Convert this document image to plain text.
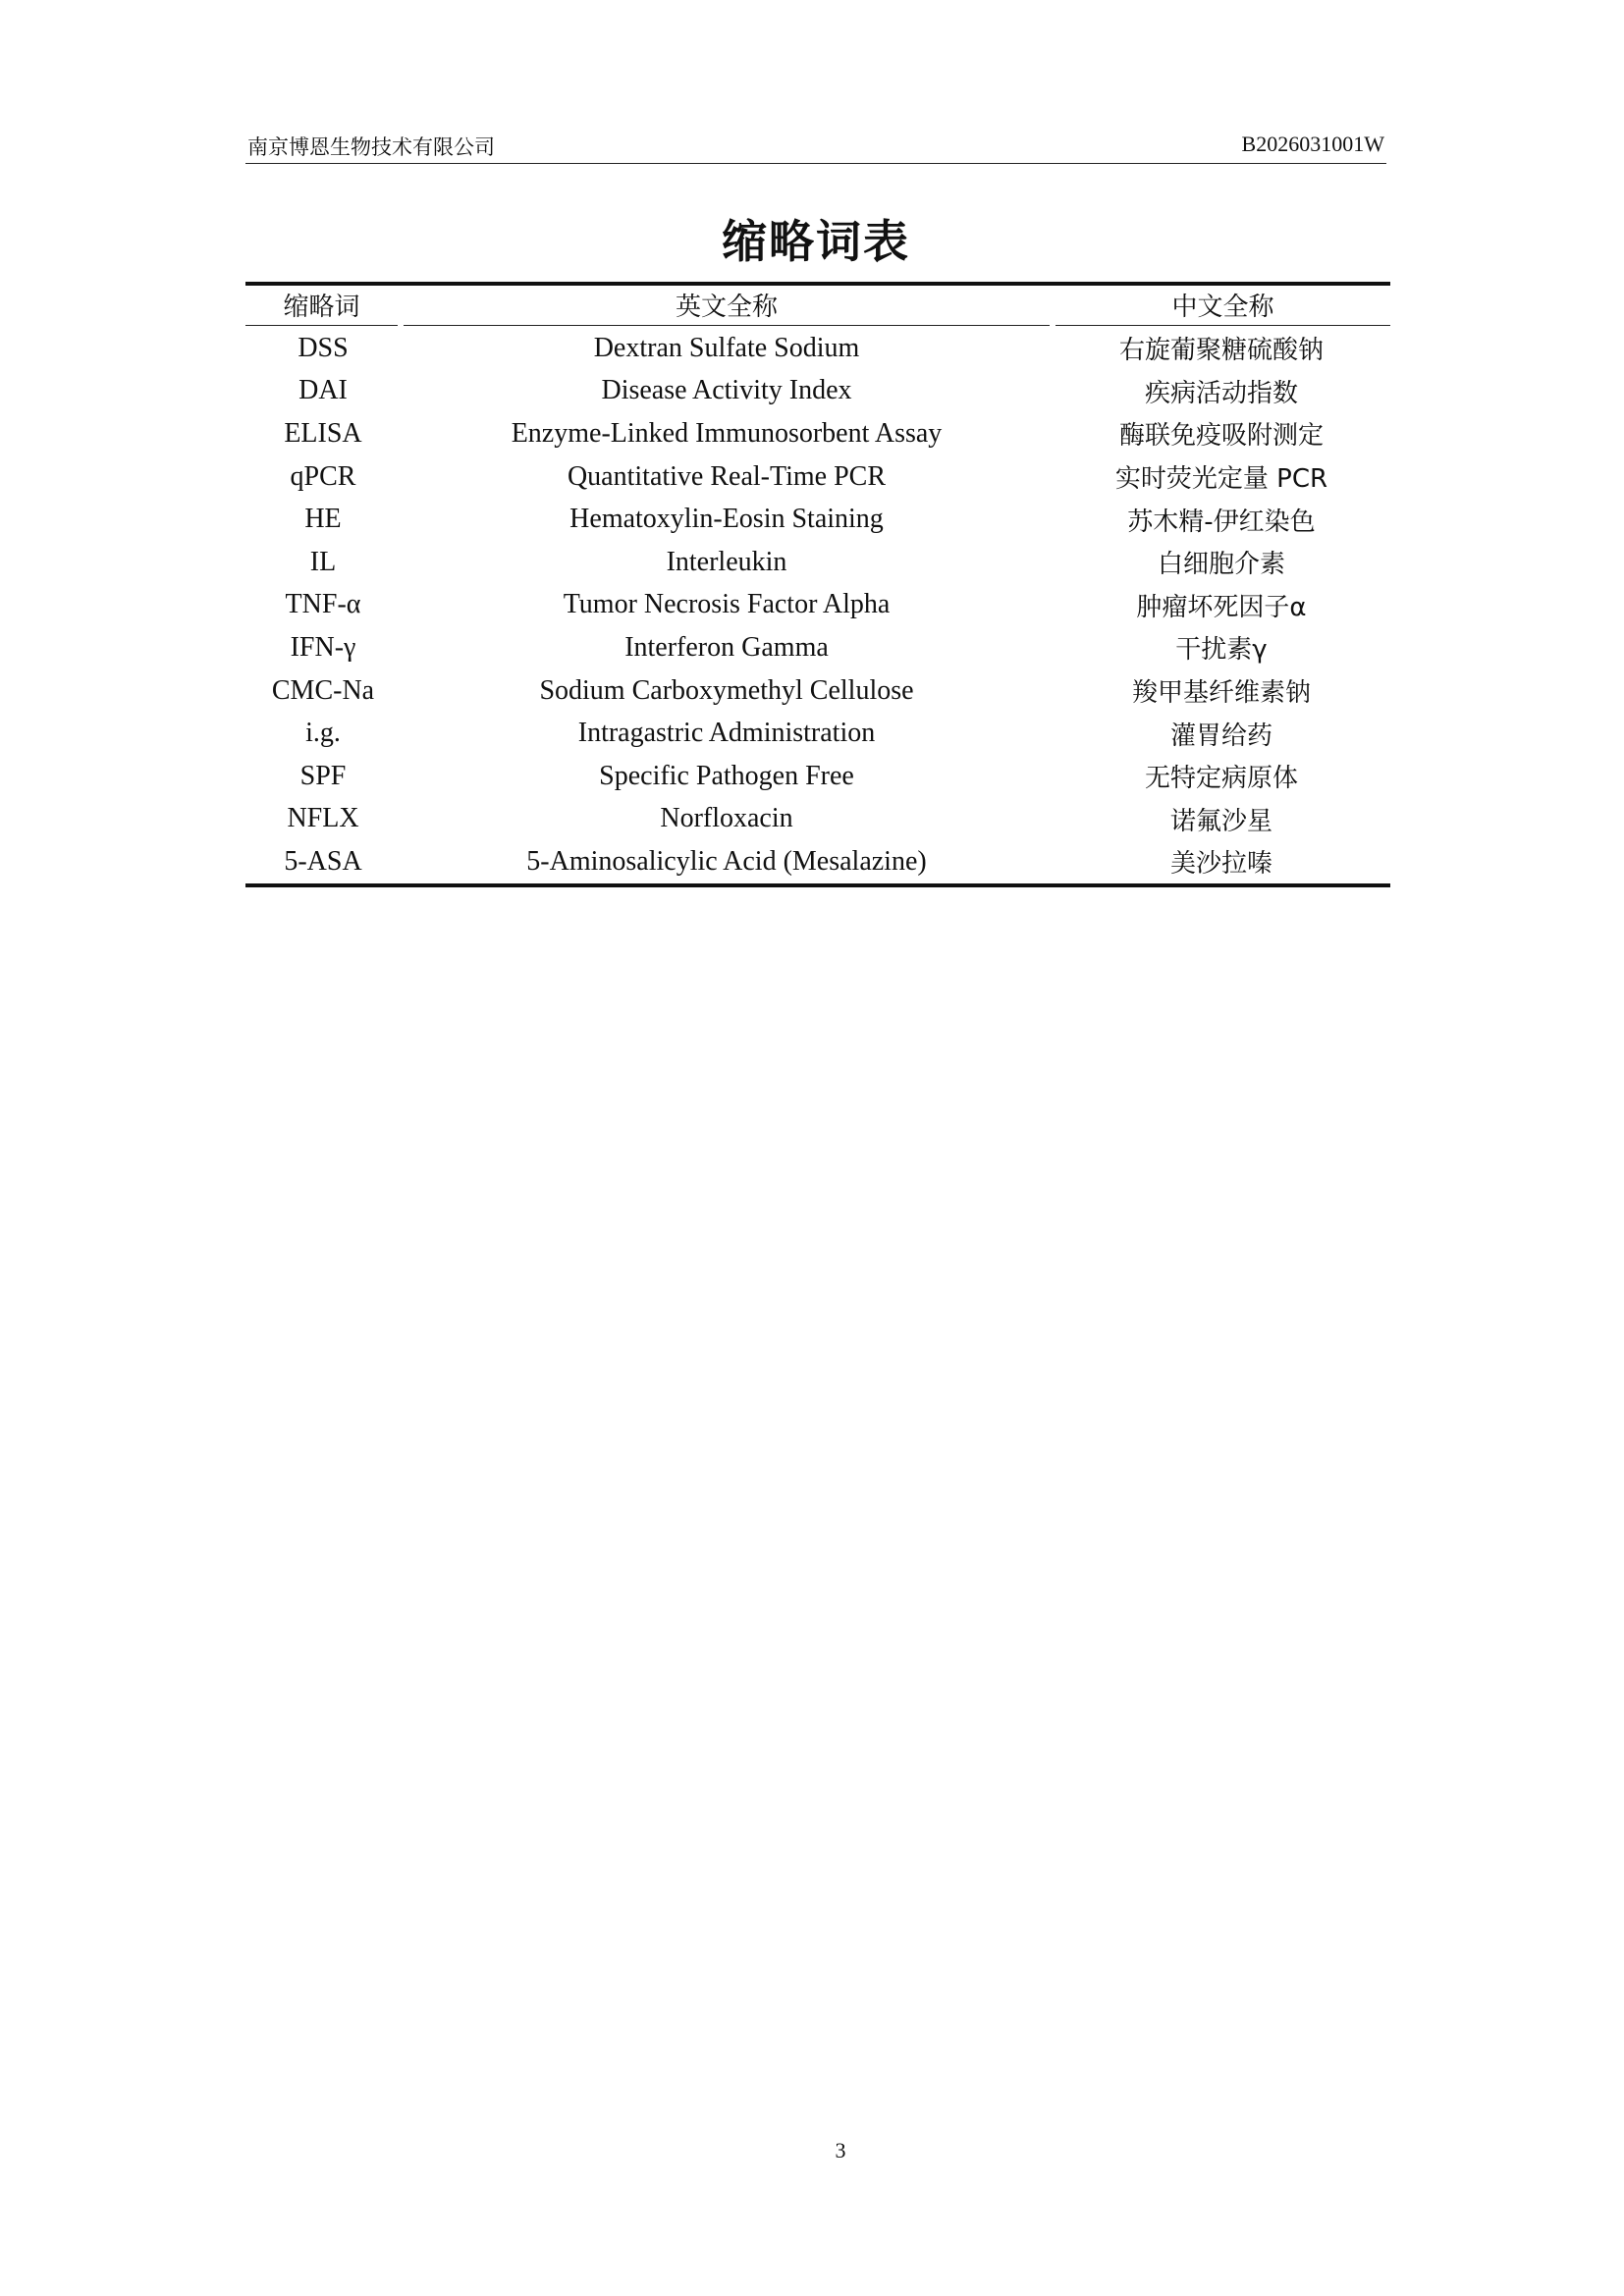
南京博恩生物技术有限公司	B2026031001W
缩略词表
缩略词	英文全称	中文全称

DSS	Dextran Sulfate Sodium	右旋葡聚糖硫酸钠
DAI	Disease Activity Index	疾病活动指数
ELISA	Enzyme-Linked Immunosorbent Assay	酶联免疫吸附测定
qPCR	Quantitative Real-Time PCR	实时荧光定量 PCR
HE	Hematoxylin-Eosin Staining	苏木精-伊红染色
IL	Interleukin	白细胞介素
TNF-α	Tumor Necrosis Factor Alpha	肿瘤坏死因子α
IFN-γ	Interferon Gamma	干扰素γ
CMC-Na	Sodium Carboxymethyl Cellulose	羧甲基纤维素钠
i.g.	Intragastric Administration	灌胃给药
SPF	Specific Pathogen Free	无特定病原体
NFLX	Norfloxacin	诺氟沙星
5-ASA	5-Aminosalicylic Acid (Mesalazine)	美沙拉嗪
3
